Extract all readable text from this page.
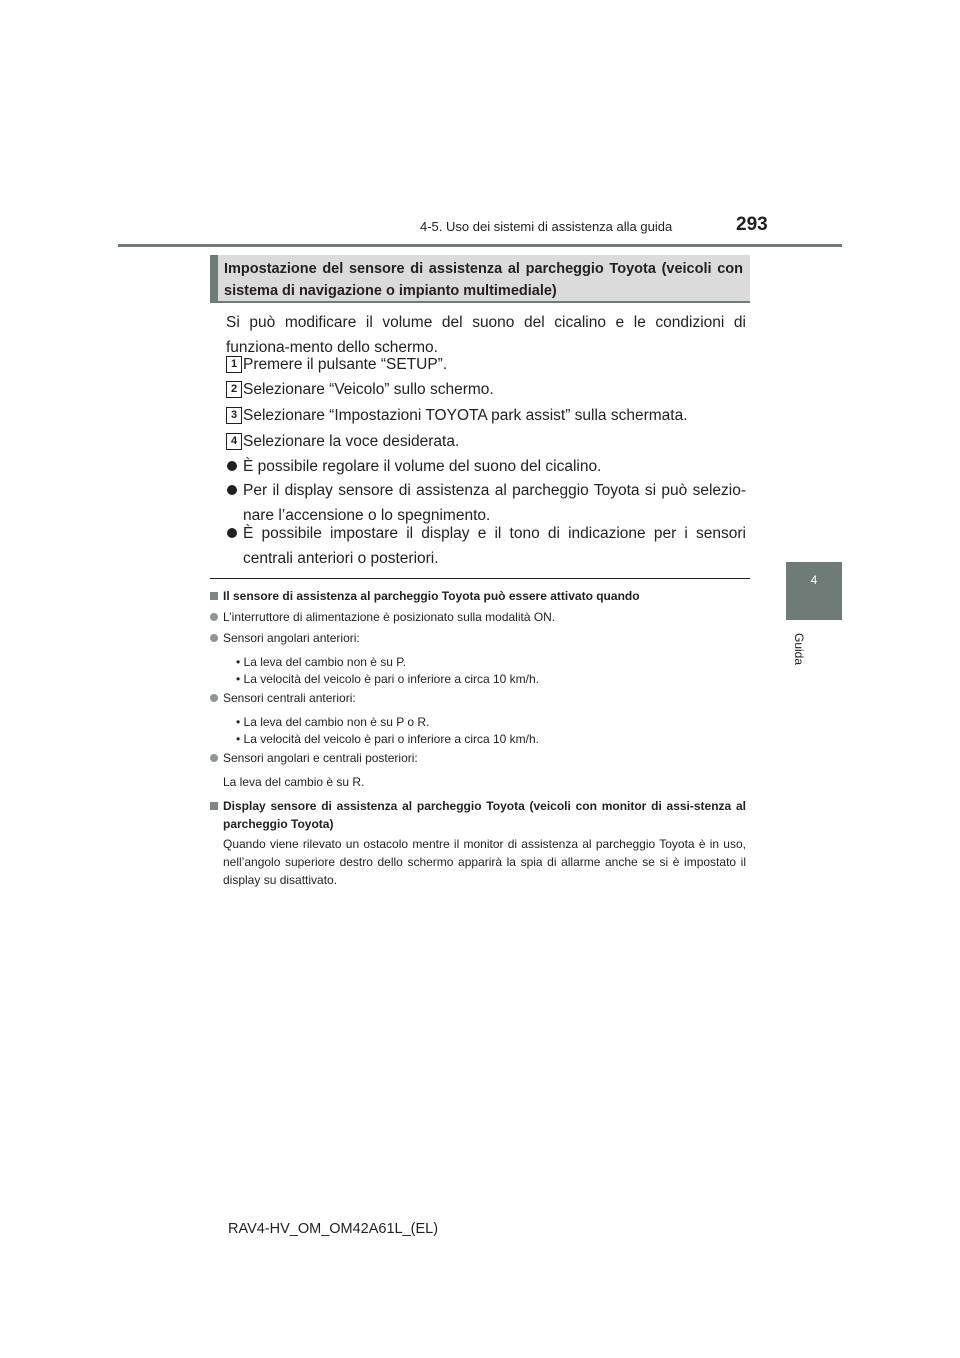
4-5. Uso dei sistemi di assistenza alla guida	293
4
Guida
Impostazione del sensore di assistenza al parcheggio Toyota (veicoli con sistema di navigazione o impianto multimediale)
Si può modificare il volume del suono del cicalino e le condizioni di funziona-mento dello schermo.
1 Premere il pulsante “SETUP”.
2 Selezionare “Veicolo” sullo schermo.
3 Selezionare “Impostazioni TOYOTA park assist” sulla schermata.
4 Selezionare la voce desiderata.
È possibile regolare il volume del suono del cicalino.
Per il display sensore di assistenza al parcheggio Toyota si può selezio-nare l’accensione o lo spegnimento.
È possibile impostare il display e il tono di indicazione per i sensori centrali anteriori o posteriori.
Il sensore di assistenza al parcheggio Toyota può essere attivato quando
L’interruttore di alimentazione è posizionato sulla modalità ON.
Sensori angolari anteriori:
• La leva del cambio non è su P.
• La velocità del veicolo è pari o inferiore a circa 10 km/h.
Sensori centrali anteriori:
• La leva del cambio non è su P o R.
• La velocità del veicolo è pari o inferiore a circa 10 km/h.
Sensori angolari e centrali posteriori:
La leva del cambio è su R.
Display sensore di assistenza al parcheggio Toyota (veicoli con monitor di assi-stenza al parcheggio Toyota)
Quando viene rilevato un ostacolo mentre il monitor di assistenza al parcheggio Toyota è in uso, nell’angolo superiore destro dello schermo apparirà la spia di allarme anche se si è impostato il display su disattivato.
RAV4-HV_OM_OM42A61L_(EL)
